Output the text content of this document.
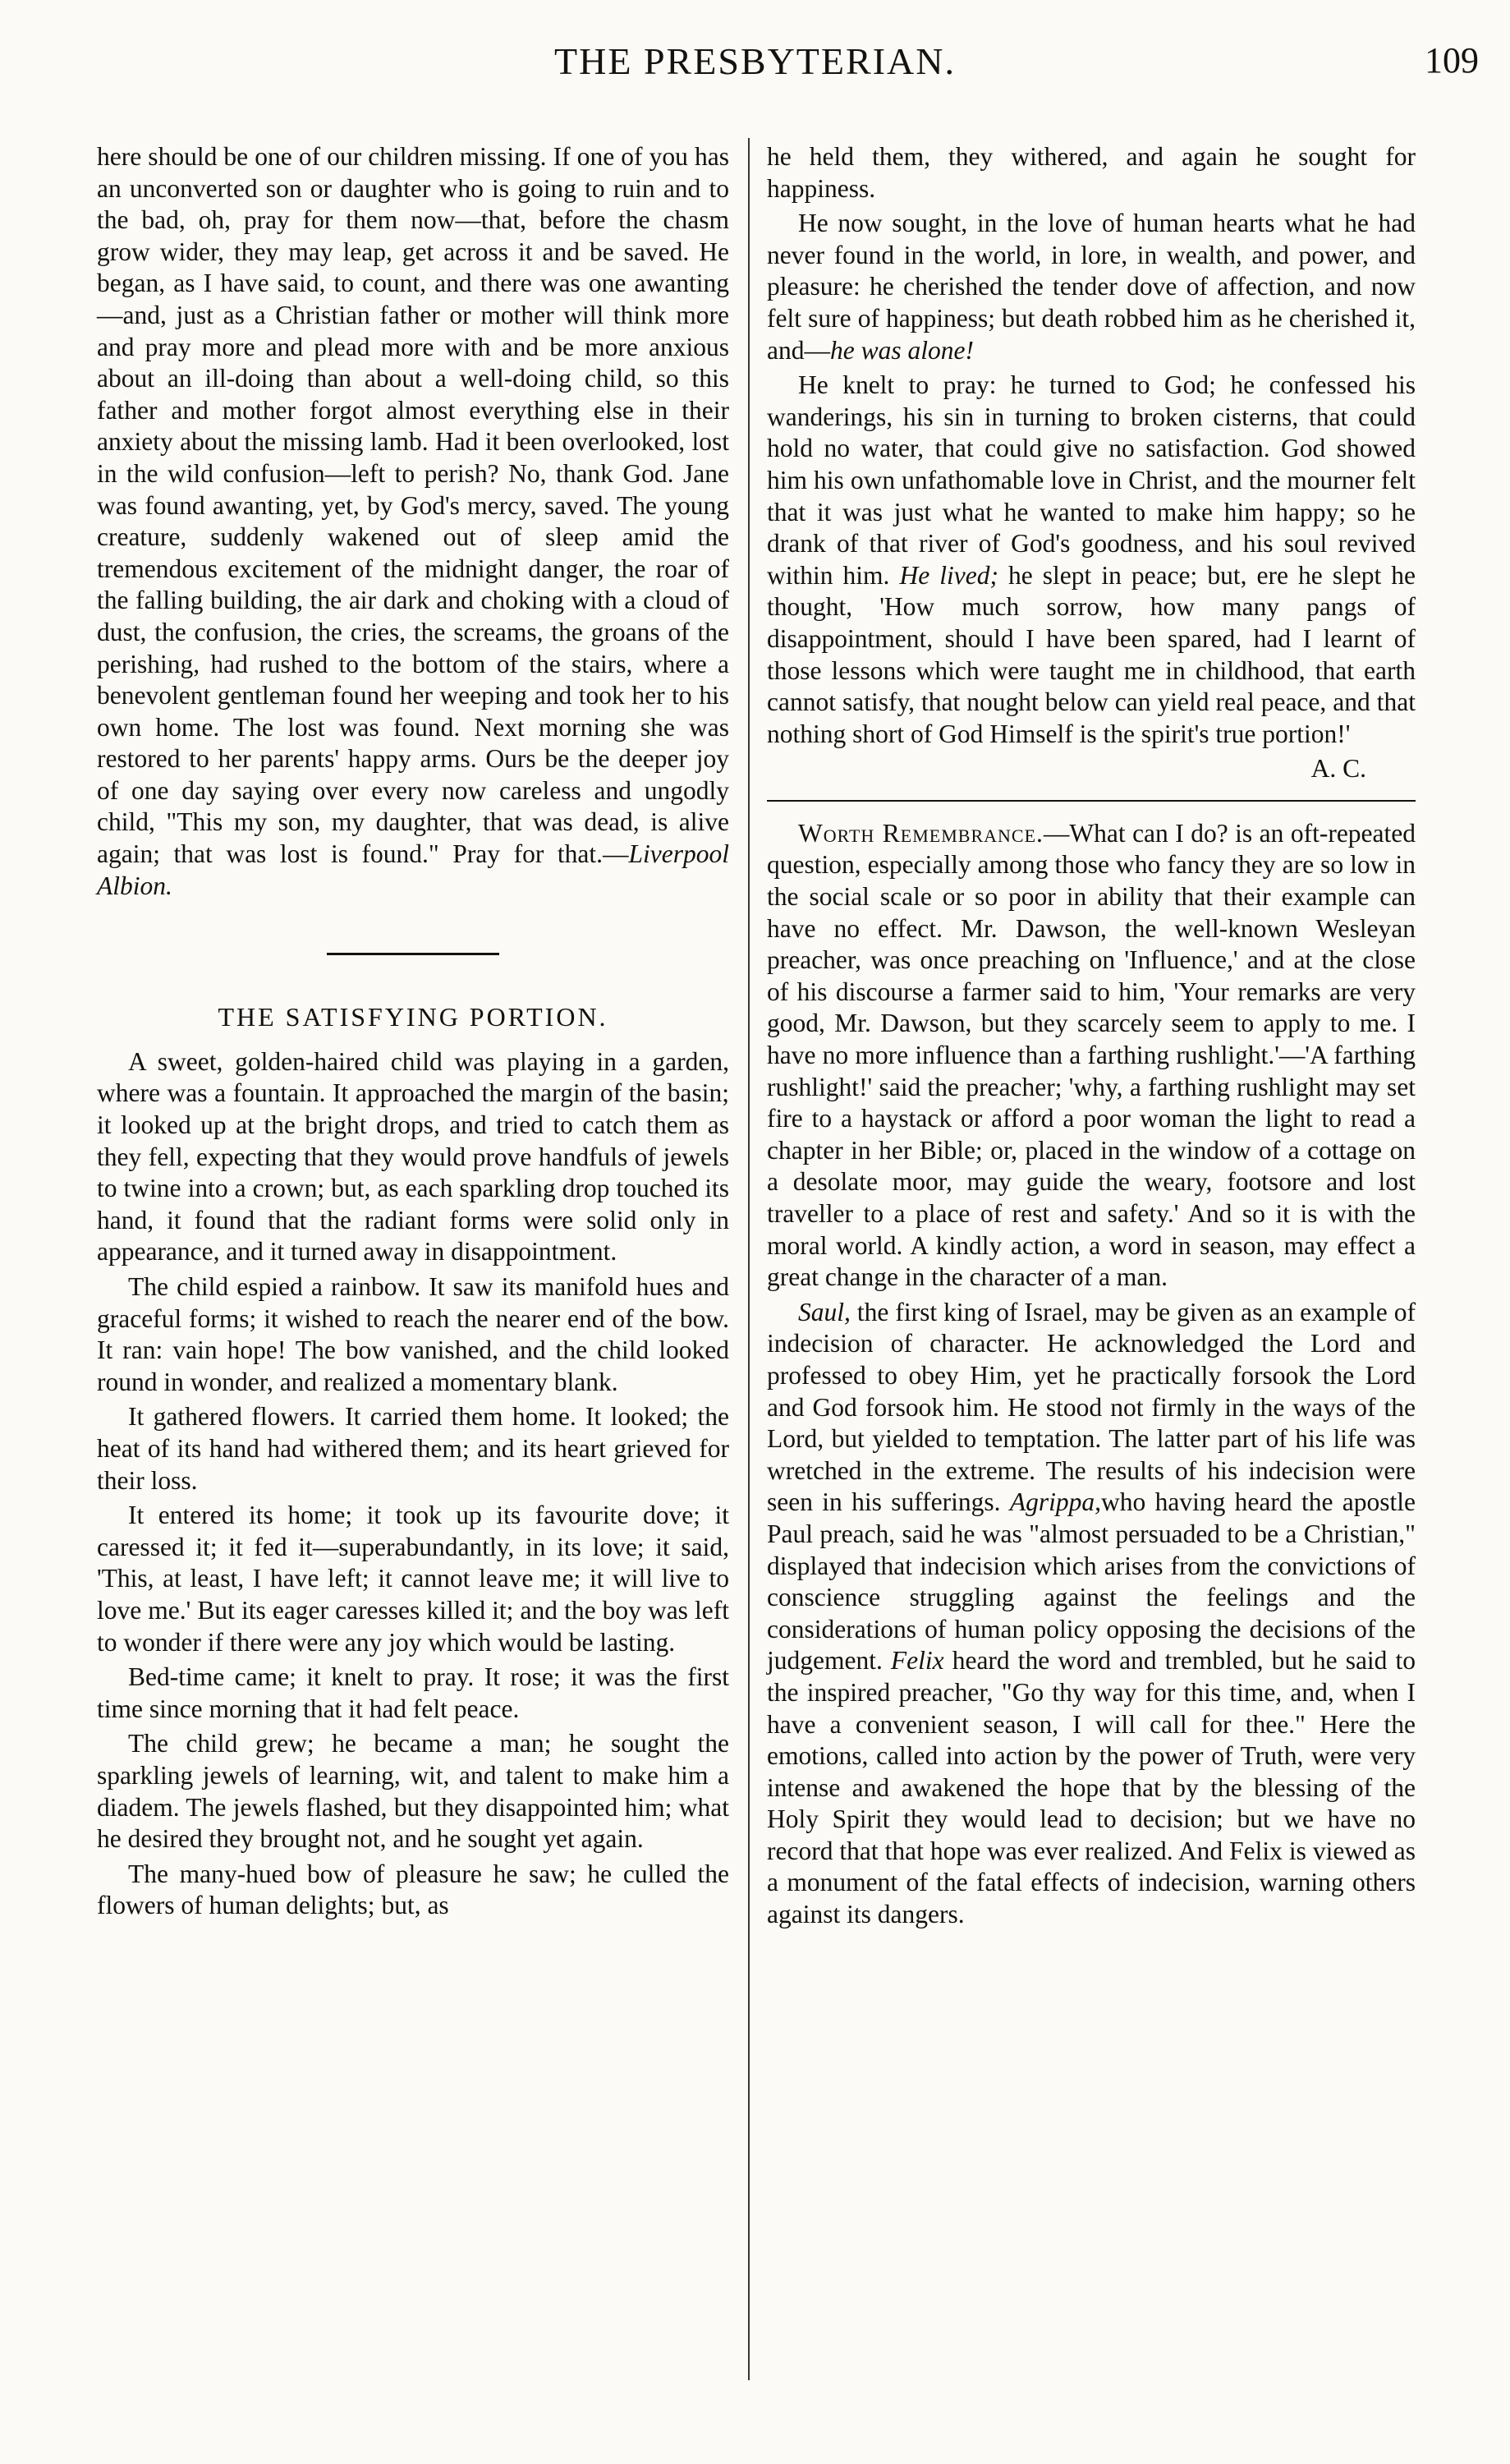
THE PRESBYTERIAN.	109

here should be one of our children missing. If one of you has an unconverted son or daughter who is going to ruin and to the bad, oh, pray for them now—that, before the chasm grow wider, they may leap, get across it and be saved. He began, as I have said, to count, and there was one awanting—and, just as a Christian father or mother will think more and pray more and plead more with and be more anxious about an ill-doing than about a well-doing child, so this father and mother forgot almost everything else in their anxiety about the missing lamb. Had it been overlooked, lost in the wild confusion—left to perish? No, thank God. Jane was found awanting, yet, by God's mercy, saved. The young creature, suddenly wakened out of sleep amid the tremendous excitement of the midnight danger, the roar of the falling building, the air dark and choking with a cloud of dust, the confusion, the cries, the screams, the groans of the perishing, had rushed to the bottom of the stairs, where a benevolent gentleman found her weeping and took her to his own home. The lost was found. Next morning she was restored to her parents' happy arms. Ours be the deeper joy of one day saying over every now careless and ungodly child, "This my son, my daughter, that was dead, is alive again; that was lost is found." Pray for that.—Liverpool Albion.

THE SATISFYING PORTION.

A sweet, golden-haired child was playing in a garden, where was a fountain. It approached the margin of the basin; it looked up at the bright drops, and tried to catch them as they fell, expecting that they would prove handfuls of jewels to twine into a crown; but, as each sparkling drop touched its hand, it found that the radiant forms were solid only in appearance, and it turned away in disappointment.

The child espied a rainbow. It saw its manifold hues and graceful forms; it wished to reach the nearer end of the bow. It ran: vain hope! The bow vanished, and the child looked round in wonder, and realized a momentary blank.

It gathered flowers. It carried them home. It looked; the heat of its hand had withered them; and its heart grieved for their loss.

It entered its home; it took up its favourite dove; it caressed it; it fed it—superabundantly, in its love; it said, 'This, at least, I have left; it cannot leave me; it will live to love me.' But its eager caresses killed it; and the boy was left to wonder if there were any joy which would be lasting.

Bed-time came; it knelt to pray. It rose; it was the first time since morning that it had felt peace.

The child grew; he became a man; he sought the sparkling jewels of learning, wit, and talent to make him a diadem. The jewels flashed, but they disappointed him; what he desired they brought not, and he sought yet again.

The many-hued bow of pleasure he saw; he culled the flowers of human delights; but, as

he held them, they withered, and again he sought for happiness.

He now sought, in the love of human hearts what he had never found in the world, in lore, in wealth, and power, and pleasure: he cherished the tender dove of affection, and now felt sure of happiness; but death robbed him as he cherished it, and—he was alone!

He knelt to pray: he turned to God; he confessed his wanderings, his sin in turning to broken cisterns, that could hold no water, that could give no satisfaction. God showed him his own unfathomable love in Christ, and the mourner felt that it was just what he wanted to make him happy; so he drank of that river of God's goodness, and his soul revived within him. He lived; he slept in peace; but, ere he slept he thought, 'How much sorrow, how many pangs of disappointment, should I have been spared, had I learnt of those lessons which were taught me in childhood, that earth cannot satisfy, that nought below can yield real peace, and that nothing short of God Himself is the spirit's true portion!'

A. C.

Worth Remembrance.—What can I do? is an oft-repeated question, especially among those who fancy they are so low in the social scale or so poor in ability that their example can have no effect. Mr. Dawson, the well-known Wesleyan preacher, was once preaching on 'Influence,' and at the close of his discourse a farmer said to him, 'Your remarks are very good, Mr. Dawson, but they scarcely seem to apply to me. I have no more influence than a farthing rushlight.'—'A farthing rushlight!' said the preacher; 'why, a farthing rushlight may set fire to a haystack or afford a poor woman the light to read a chapter in her Bible; or, placed in the window of a cottage on a desolate moor, may guide the weary, footsore and lost traveller to a place of rest and safety.' And so it is with the moral world. A kindly action, a word in season, may effect a great change in the character of a man.

Saul, the first king of Israel, may be given as an example of indecision of character. He acknowledged the Lord and professed to obey Him, yet he practically forsook the Lord and God forsook him. He stood not firmly in the ways of the Lord, but yielded to temptation. The latter part of his life was wretched in the extreme. The results of his indecision were seen in his sufferings. Agrippa,who having heard the apostle Paul preach, said he was "almost persuaded to be a Christian," displayed that indecision which arises from the convictions of conscience struggling against the feelings and the considerations of human policy opposing the decisions of the judgement. Felix heard the word and trembled, but he said to the inspired preacher, "Go thy way for this time, and, when I have a convenient season, I will call for thee." Here the emotions, called into action by the power of Truth, were very intense and awakened the hope that by the blessing of the Holy Spirit they would lead to decision; but we have no record that that hope was ever realized. And Felix is viewed as a monument of the fatal effects of indecision, warning others against its dangers.
